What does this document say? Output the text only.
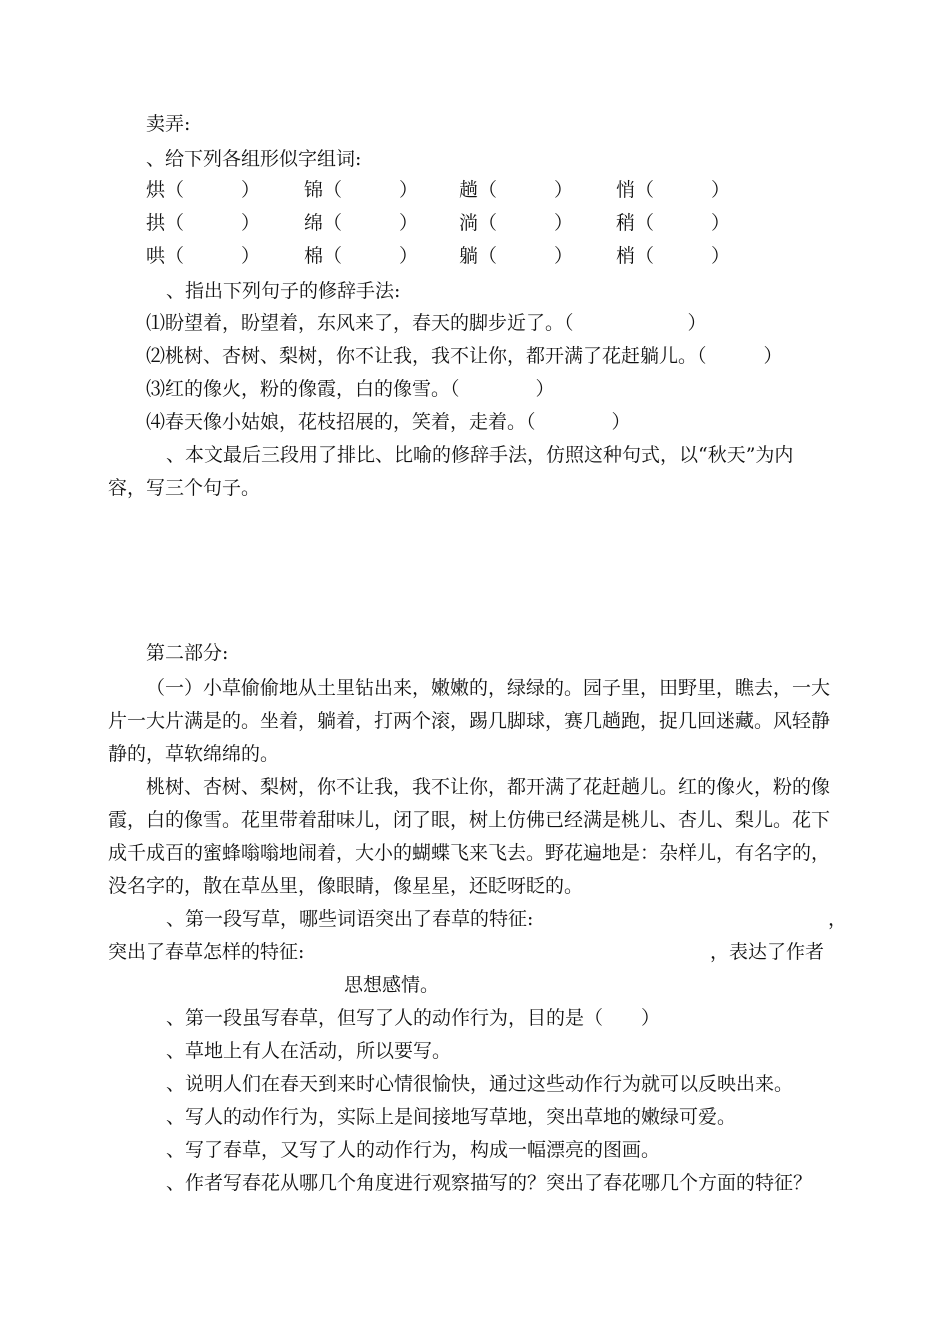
卖弄:
、给下列各组形似字组词:
烘（　　　） 锦（　　　） 趟（　　　） 悄（　　　）
拱（　　　） 绵（　　　） 淌（　　　） 稍（　　　）
哄（　　　） 棉（　　　） 躺（　　　） 梢（　　　）
、指出下列句子的修辞手法:
⑴盼望着，盼望着，东风来了，春天的脚步近了。（　　　　　　）
⑵桃树、杏树、梨树，你不让我，我不让你，都开满了花赶躺儿。（　　　）
⑶红的像火，粉的像霞，白的像雪。（　　　　）
⑷春天像小姑娘，花枝招展的，笑着，走着。（　　　　）
、本文最后三段用了排比、比喻的修辞手法，仿照这种句式，以“秋天”为内
容，写三个句子。
第二部分:
（一）小草偷偷地从土里钻出来，嫩嫩的，绿绿的。园子里，田野里，瞧去，一大
片一大片满是的。坐着，躺着，打两个滚，踢几脚球，赛几趟跑，捉几回迷藏。风轻静
静的，草软绵绵的。
桃树、杏树、梨树，你不让我，我不让你，都开满了花赶趟儿。红的像火，粉的像
霞，白的像雪。花里带着甜味儿，闭了眼，树上仿佛已经满是桃儿、杏儿、梨儿。花下
成千成百的蜜蜂嗡嗡地闹着，大小的蝴蝶飞来飞去。野花遍地是：杂样儿，有名字的，
没名字的，散在草丛里，像眼睛，像星星，还眨呀眨的。
、第一段写草，哪些词语突出了春草的特征:	，
突出了春草怎样的特征:	，表达了作者
思想感情。
、第一段虽写春草，但写了人的动作行为，目的是（　　）
、草地上有人在活动，所以要写。
、说明人们在春天到来时心情很愉快，通过这些动作行为就可以反映出来。
、写人的动作行为，实际上是间接地写草地，突出草地的嫩绿可爱。
、写了春草，又写了人的动作行为，构成一幅漂亮的图画。
、作者写春花从哪几个角度进行观察描写的？突出了春花哪几个方面的特征？
